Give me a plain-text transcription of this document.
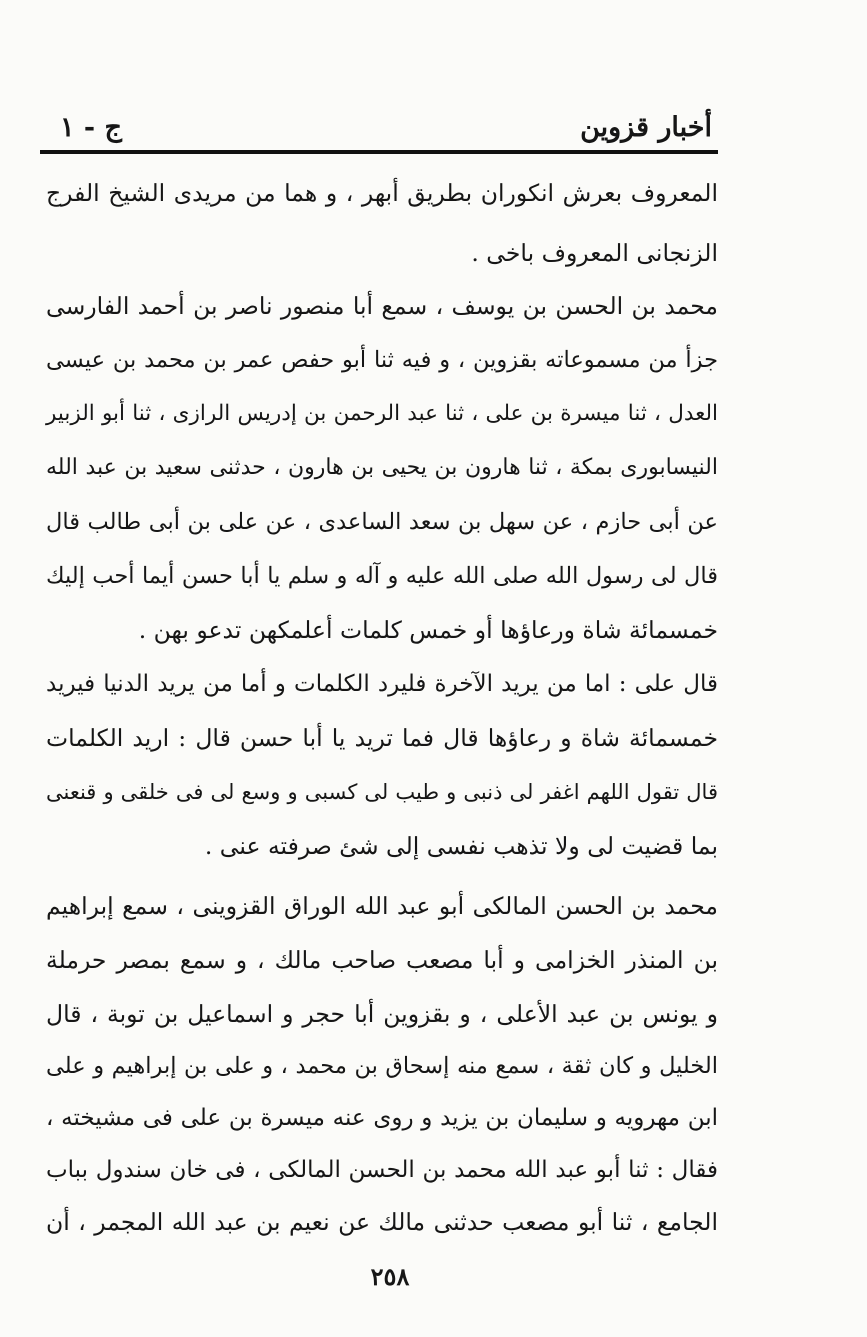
أخبار قزوين
ج - ١
المعروف بعرش انكوران بطريق أبهر ، و هما من مريدى الشيخ الفرج
الزنجانى المعروف باخى .
محمد بن الحسن بن يوسف ، سمع أبا منصور ناصر بن أحمد الفارسى
جزأ من مسموعاته بقزوين ، و فيه ثنا أبو حفص عمر بن محمد بن عيسى
العدل ، ثنا ميسرة بن على ، ثنا عبد الرحمن بن إدريس الرازى ، ثنا أبو الزبير
النيسابورى بمكة ، ثنا هارون بن يحيى بن هارون ، حدثنى سعيد بن عبد الله
عن أبى حازم ، عن سهل بن سعد الساعدى ، عن على بن أبى طالب قال
قال لى رسول الله صلى الله عليه و آله و سلم يا أبا حسن أيما أحب إليك
خمسمائة شاة ورعاؤها أو خمس كلمات أعلمكهن تدعو بهن .
قال على : اما من يريد الآخرة فليرد الكلمات و أما من يريد الدنيا فيريد
خمسمائة شاة و رعاؤها قال فما تريد يا أبا حسن قال : اريد الكلمات
قال تقول اللهم اغفر لى ذنبى و طيب لى كسبى و وسع لى فى خلقى و قنعنى
بما قضيت لى ولا تذهب نفسى إلى شئ صرفته عنى .
محمد بن الحسن المالكى أبو عبد الله الوراق القزوينى ، سمع إبراهيم
بن المنذر الخزامى و أبا مصعب صاحب مالك ، و سمع بمصر حرملة
و يونس بن عبد الأعلى ، و بقزوين أبا حجر و اسماعيل بن توبة ، قال
الخليل و كان ثقة ، سمع منه إسحاق بن محمد ، و على بن إبراهيم و على
ابن مهرويه و سليمان بن يزيد و روى عنه ميسرة بن على فى مشيخته ،
فقال : ثنا أبو عبد الله محمد بن الحسن المالكى ، فى خان سندول بباب
الجامع ، ثنا أبو مصعب حدثنى مالك عن نعيم بن عبد الله المجمر ، أن
٢٥٨
